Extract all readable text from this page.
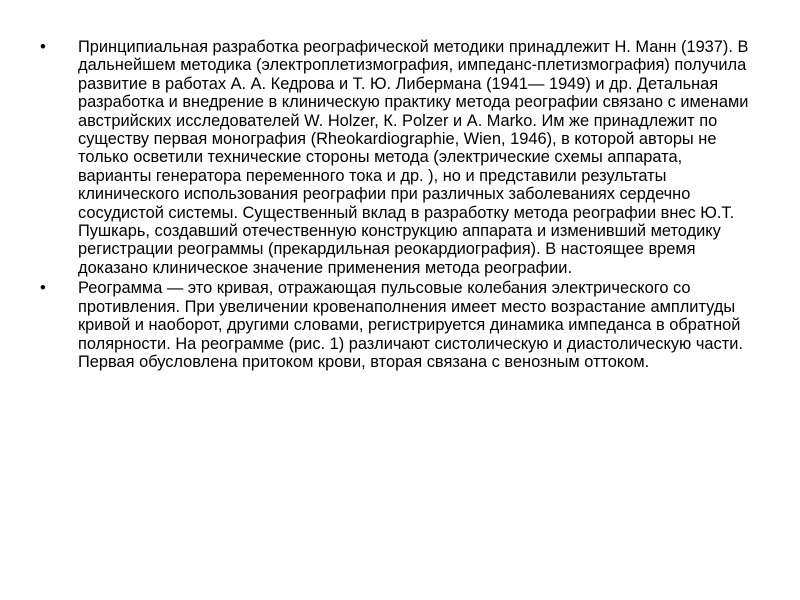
•	Принципиальная разработка реографической методики принадлежит Н. Манн (1937). В дальнейшем методика (электроплетизмография, импеданс-плетизмография) получила развитие в работах А. А. Кедрова и Т. Ю. Либермана (1941— 1949) и др. Детальная разработка и внедрение в клиническую практику метода реографии связано с именами австрийских исследователей W. Holzer, К. Polzer и А. Marko. Им же принадлежит по существу первая монография (Rheokardiographie, Wien, 1946), в которой авторы не только осветили технические стороны метода (электрические схемы аппарата, варианты генератора переменного тока и др. ), но и представили результаты клинического использования реографии при различных заболеваниях сердечно сосудистой системы. Существенный вклад в разработку метода реографии внес Ю.Т. Пушкарь, создавший отечественную конструкцию аппарата и изменивший методику регистрации реограммы (прекардильная реокардиография). В настоящее время доказано клиническое значение применения метода реографии.
•	Реограмма — это кривая, отражающая пульсовые колебания электрического со противления. При увеличении кровенаполнения имеет место возрастание амплитуды кривой и наоборот, другими словами, регистрируется динамика импеданса в обратной полярности. На реограмме (рис. 1) различают систолическую и диастолическую части. Первая обусловлена притоком крови, вторая связана с венозным оттоком.
